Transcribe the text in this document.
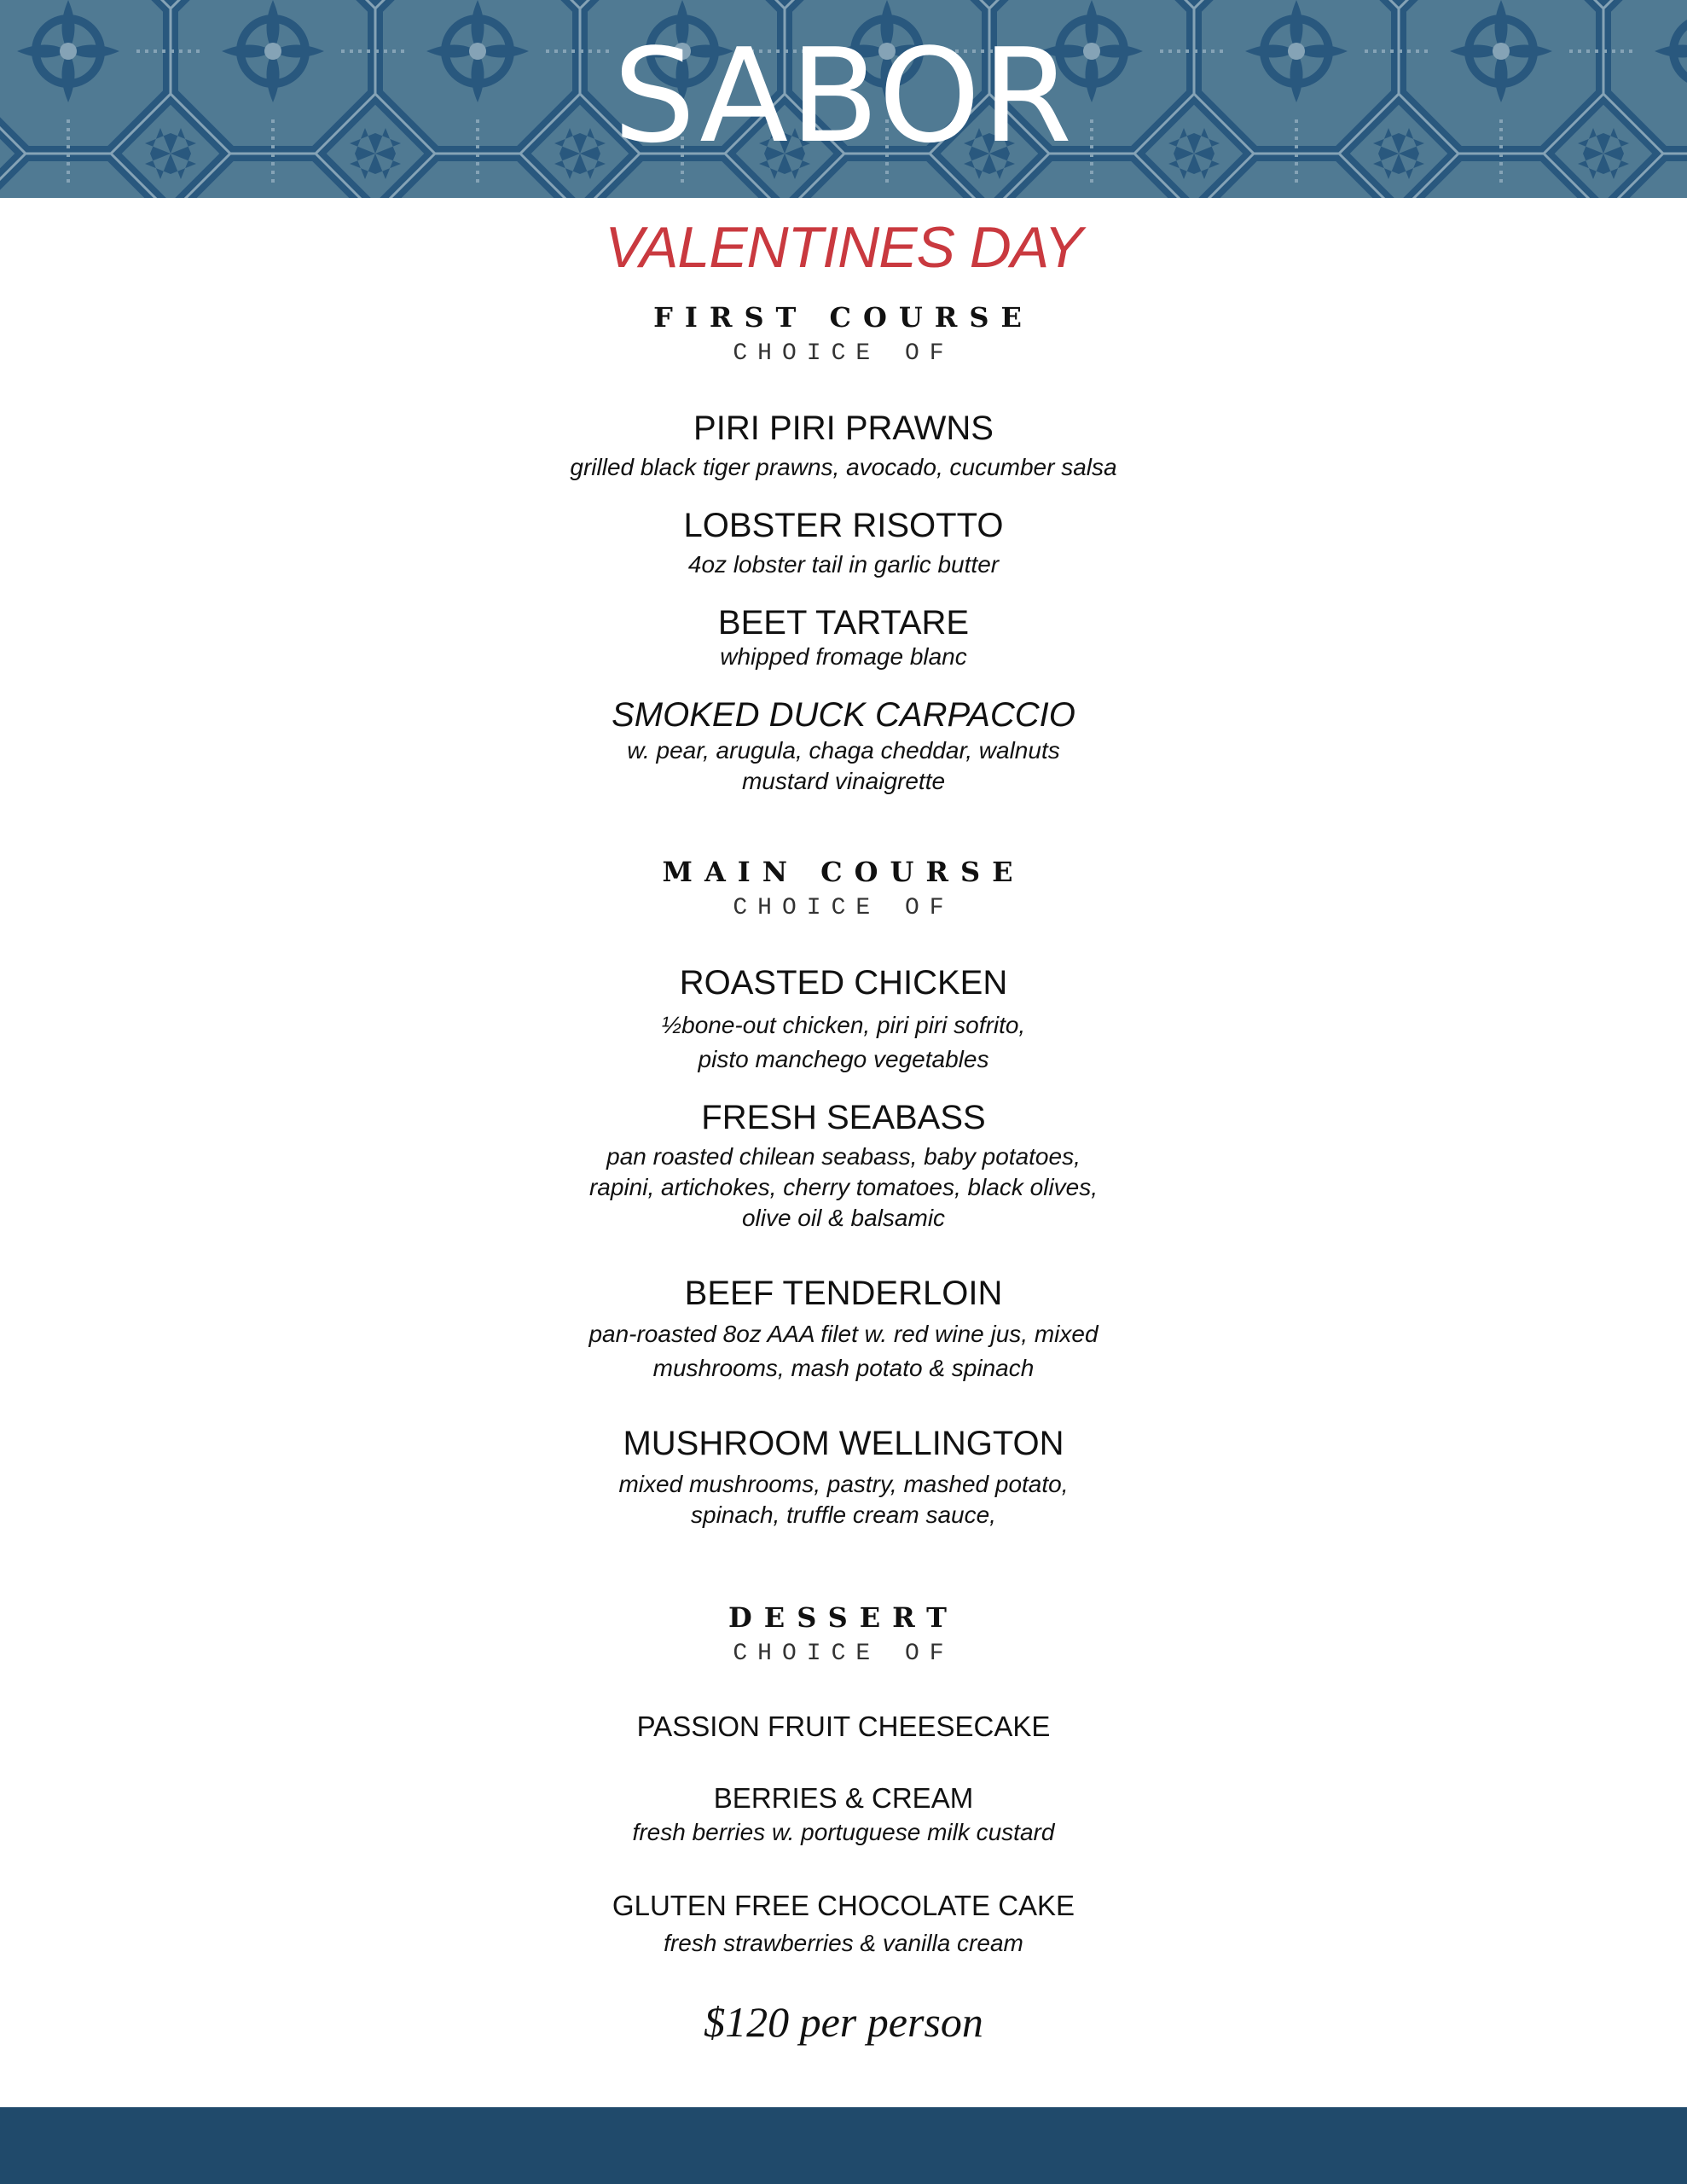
SABOR
VALENTINES DAY
FIRST COURSE
CHOICE OF
PIRI PIRI PRAWNS
grilled black tiger prawns, avocado, cucumber salsa
LOBSTER RISOTTO
4oz lobster tail in garlic butter
BEET TARTARE
whipped fromage blanc
SMOKED DUCK CARPACCIO
w. pear, arugula, chaga cheddar, walnuts
mustard vinaigrette
MAIN COURSE
CHOICE OF
ROASTED CHICKEN
½bone-out chicken, piri piri sofrito,
pisto manchego vegetables
FRESH SEABASS
pan roasted chilean seabass, baby potatoes,
rapini, artichokes, cherry tomatoes, black olives,
olive oil & balsamic
BEEF TENDERLOIN
pan-roasted 8oz AAA filet w. red wine jus, mixed
mushrooms, mash potato & spinach
MUSHROOM WELLINGTON
mixed mushrooms, pastry, mashed potato,
spinach, truffle cream sauce,
DESSERT
CHOICE OF
PASSION FRUIT CHEESECAKE
BERRIES & CREAM
fresh berries w. portuguese milk custard
GLUTEN FREE CHOCOLATE CAKE
fresh strawberries & vanilla cream
$120 per person
